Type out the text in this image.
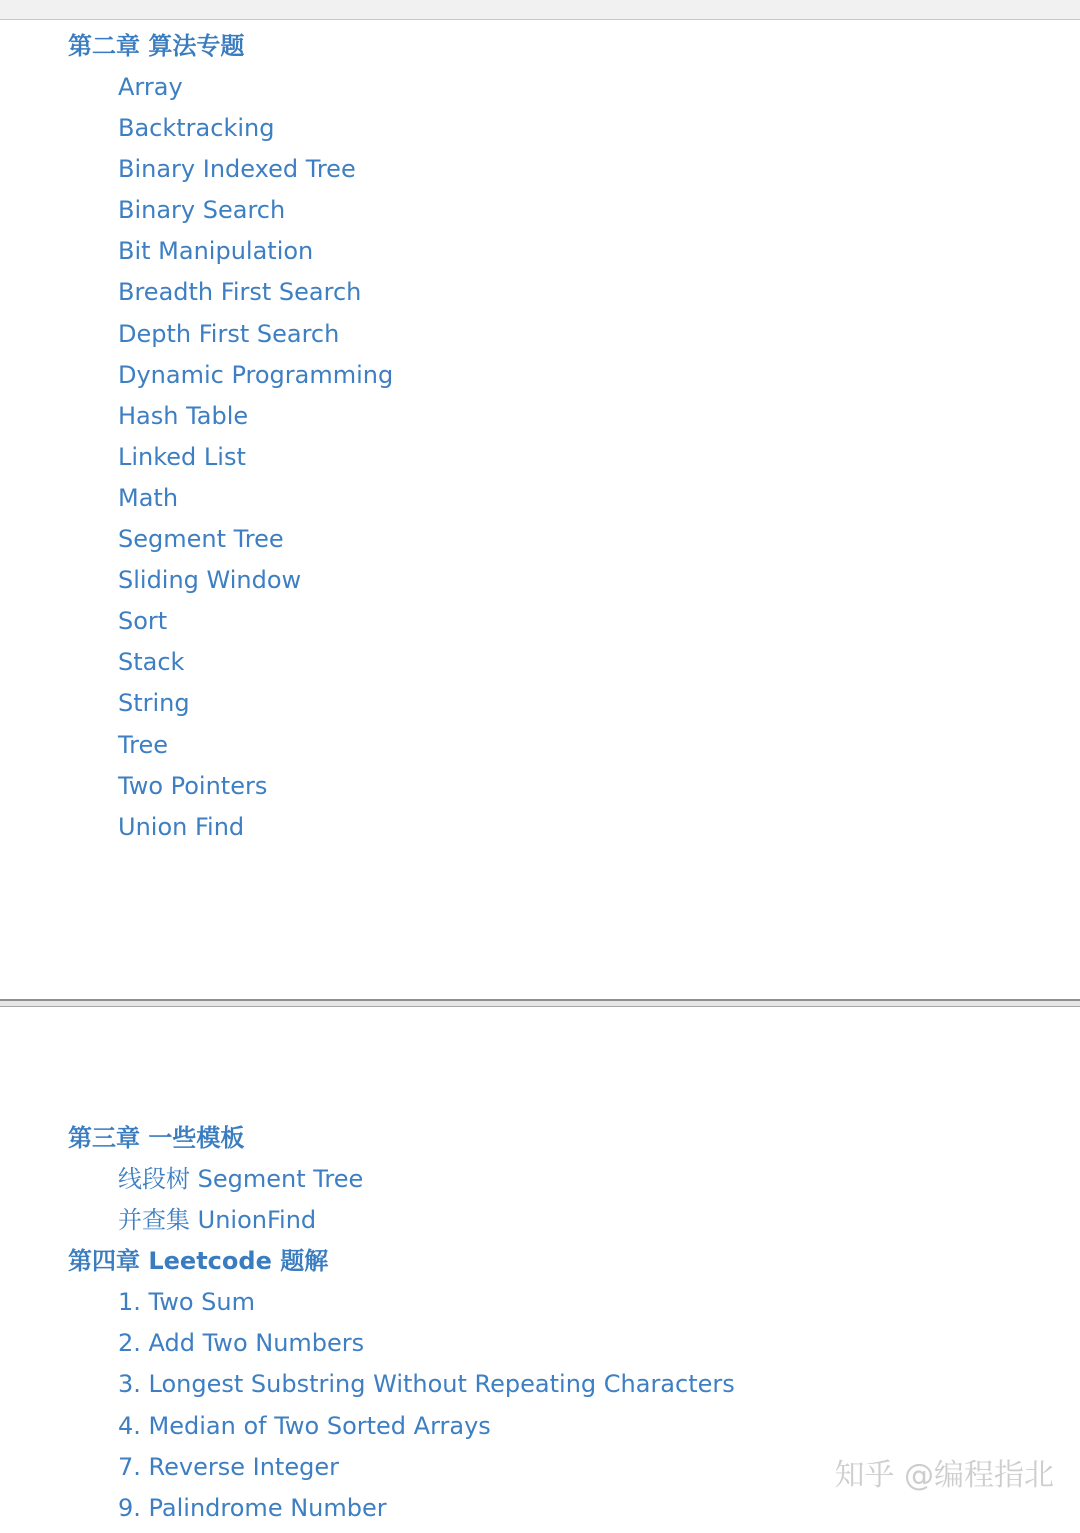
第二章 算法专题
Array
Backtracking
Binary Indexed Tree
Binary Search
Bit Manipulation
Breadth First Search
Depth First Search
Dynamic Programming
Hash Table
Linked List
Math
Segment Tree
Sliding Window
Sort
Stack
String
Tree
Two Pointers
Union Find
第三章 一些模板
线段树 Segment Tree
并查集 UnionFind
第四章 Leetcode 题解
1. Two Sum
2. Add Two Numbers
3. Longest Substring Without Repeating Characters
4. Median of Two Sorted Arrays
7. Reverse Integer
9. Palindrome Number
知乎 @编程指北
